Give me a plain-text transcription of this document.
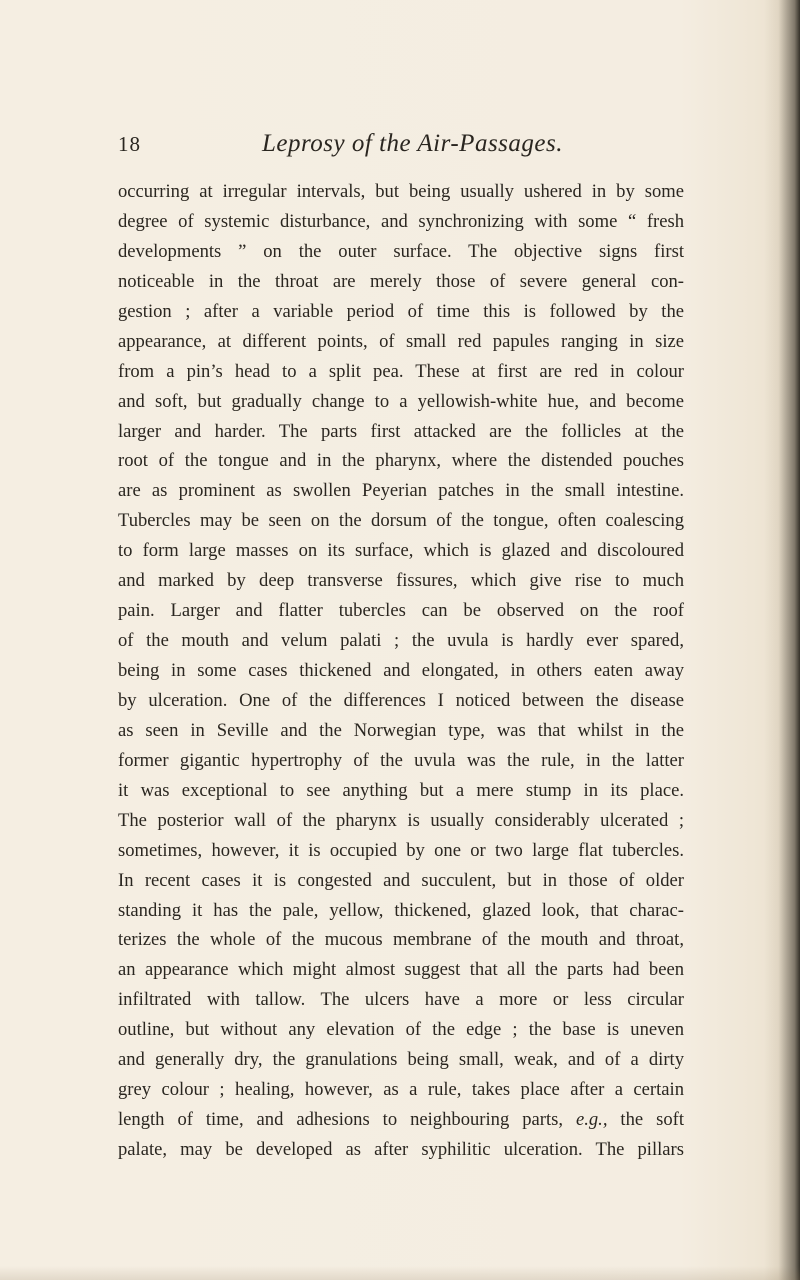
18	Leprosy of the Air-Passages.
occurring at irregular intervals, but being usually ushered in by some
degree of systemic disturbance, and synchronizing with some “ fresh
developments ” on the outer surface. The objective signs first
noticeable in the throat are merely those of severe general con-
gestion ; after a variable period of time this is followed by the
appearance, at different points, of small red papules ranging in size
from a pin’s head to a split pea. These at first are red in colour
and soft, but gradually change to a yellowish-white hue, and become
larger and harder. The parts first attacked are the follicles at the
root of the tongue and in the pharynx, where the distended pouches
are as prominent as swollen Peyerian patches in the small intestine.
Tubercles may be seen on the dorsum of the tongue, often coalescing
to form large masses on its surface, which is glazed and discoloured
and marked by deep transverse fissures, which give rise to much
pain. Larger and flatter tubercles can be observed on the roof
of the mouth and velum palati ; the uvula is hardly ever spared,
being in some cases thickened and elongated, in others eaten away
by ulceration. One of the differences I noticed between the disease
as seen in Seville and the Norwegian type, was that whilst in the
former gigantic hypertrophy of the uvula was the rule, in the latter
it was exceptional to see anything but a mere stump in its place.
The posterior wall of the pharynx is usually considerably ulcerated ;
sometimes, however, it is occupied by one or two large flat tubercles.
In recent cases it is congested and succulent, but in those of older
standing it has the pale, yellow, thickened, glazed look, that charac-
terizes the whole of the mucous membrane of the mouth and throat,
an appearance which might almost suggest that all the parts had been
infiltrated with tallow. The ulcers have a more or less circular
outline, but without any elevation of the edge ; the base is uneven
and generally dry, the granulations being small, weak, and of a dirty
grey colour ; healing, however, as a rule, takes place after a certain
length of time, and adhesions to neighbouring parts, e.g., the soft
palate, may be developed as after syphilitic ulceration. The pillars
